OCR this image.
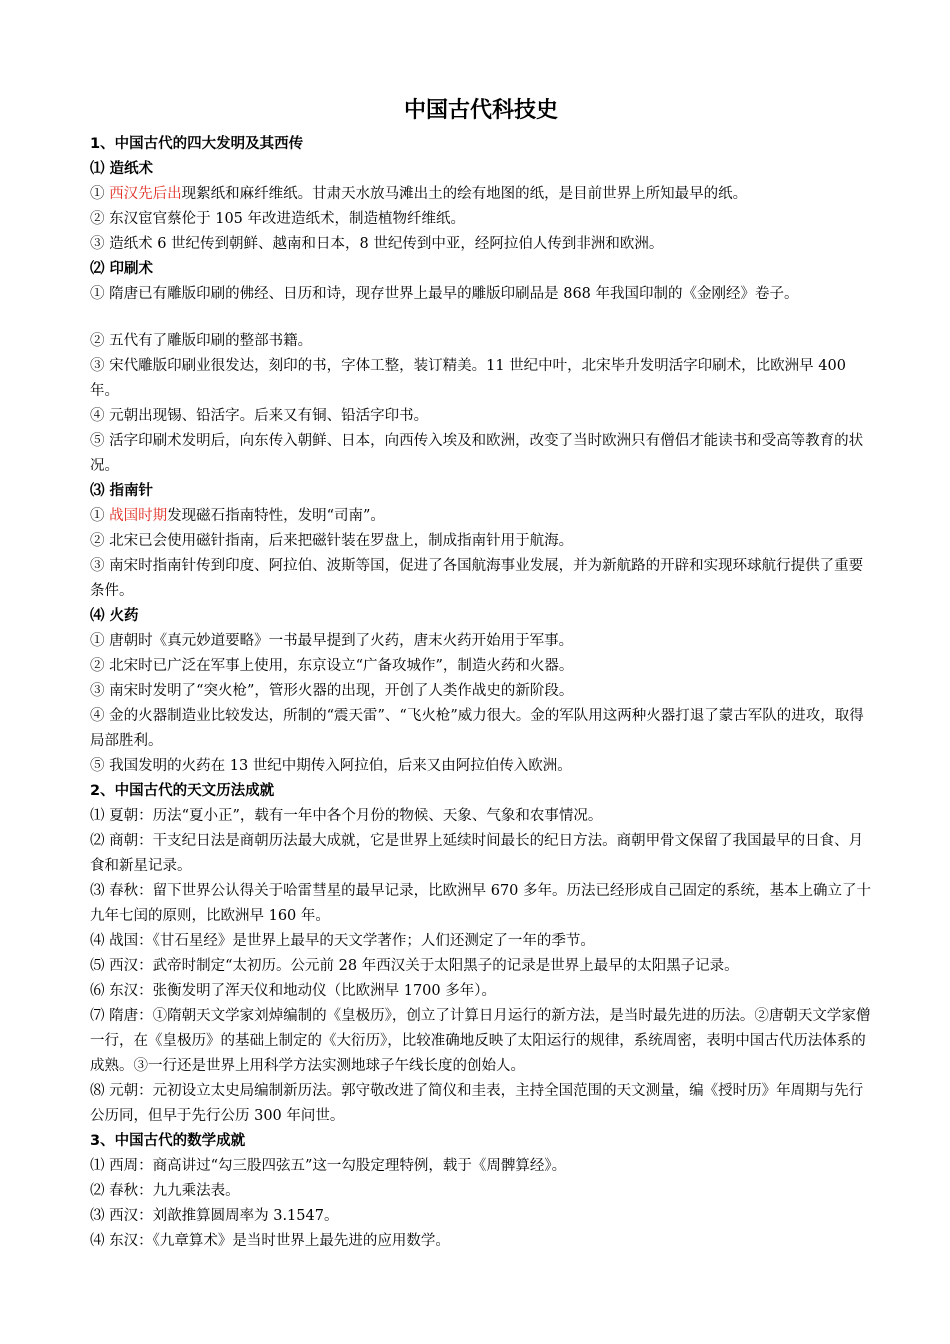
中国古代科技史
1、中国古代的四大发明及其西传
⑴ 造纸术

① 西汉先后出现絮纸和麻纤维纸。甘肃天水放马滩出土的绘有地图的纸，是目前世界上所知最早的纸。

② 东汉宦官蔡伦于 105 年改进造纸术，制造植物纤维纸。

③ 造纸术 6 世纪传到朝鲜、越南和日本，8 世纪传到中亚，经阿拉伯人传到非洲和欧洲。

⑵ 印刷术

① 隋唐已有雕版印刷的佛经、日历和诗，现存世界上最早的雕版印刷品是 868 年我国印制的《金刚经》卷子。

② 五代有了雕版印刷的整部书籍。

③ 宋代雕版印刷业很发达，刻印的书，字体工整，装订精美。11 世纪中叶，北宋毕升发明活字印刷术，比欧洲早 400 年。

④ 元朝出现锡、铅活字。后来又有铜、铅活字印书。

⑤ 活字印刷术发明后，向东传入朝鲜、日本，向西传入埃及和欧洲，改变了当时欧洲只有僧侣才能读书和受高等教育的状况。

⑶ 指南针

① 战国时期发现磁石指南特性，发明“司南”。

② 北宋已会使用磁针指南，后来把磁针装在罗盘上，制成指南针用于航海。

③ 南宋时指南针传到印度、阿拉伯、波斯等国，促进了各国航海事业发展，并为新航路的开辟和实现环球航行提供了重要条件。

⑷ 火药

① 唐朝时《真元妙道要略》一书最早提到了火药，唐末火药开始用于军事。

② 北宋时已广泛在军事上使用，东京设立“广备攻城作”，制造火药和火器。

③ 南宋时发明了“突火枪”，管形火器的出现，开创了人类作战史的新阶段。

④ 金的火器制造业比较发达，所制的“震天雷”、“飞火枪”威力很大。金的军队用这两种火器打退了蒙古军队的进攻，取得局部胜利。

⑤ 我国发明的火药在 13 世纪中期传入阿拉伯，后来又由阿拉伯传入欧洲。

2、中国古代的天文历法成就

⑴ 夏朝：历法“夏小正”，载有一年中各个月份的物候、天象、气象和农事情况。

⑵ 商朝：干支纪日法是商朝历法最大成就，它是世界上延续时间最长的纪日方法。商朝甲骨文保留了我国最早的日食、月食和新星记录。

⑶ 春秋：留下世界公认得关于哈雷彗星的最早记录，比欧洲早 670 多年。历法已经形成自己固定的系统，基本上确立了十九年七闰的原则，比欧洲早 160 年。

⑷ 战国：《甘石星经》是世界上最早的天文学著作；人们还测定了一年的季节。

⑸ 西汉：武帝时制定“太初历。公元前 28 年西汉关于太阳黑子的记录是世界上最早的太阳黑子记录。

⑹ 东汉：张衡发明了浑天仪和地动仪（比欧洲早 1700 多年）。

⑺ 隋唐：①隋朝天文学家刘焯编制的《皇极历》，创立了计算日月运行的新方法，是当时最先进的历法。②唐朝天文学家僧一行，在《皇极历》的基础上制定的《大衍历》，比较准确地反映了太阳运行的规律，系统周密，表明中国古代历法体系的成熟。③一行还是世界上用科学方法实测地球子午线长度的创始人。

⑻ 元朝：元初设立太史局编制新历法。郭守敬改进了简仪和圭表，主持全国范围的天文测量，编《授时历》年周期与先行公历同，但早于先行公历 300 年问世。

3、中国古代的数学成就

⑴ 西周：商高讲过“勾三股四弦五”这一勾股定理特例，载于《周髀算经》。

⑵ 春秋：九九乘法表。

⑶ 西汉：刘歆推算圆周率为 3.1547。

⑷ 东汉：《九章算术》是当时世界上最先进的应用数学。
